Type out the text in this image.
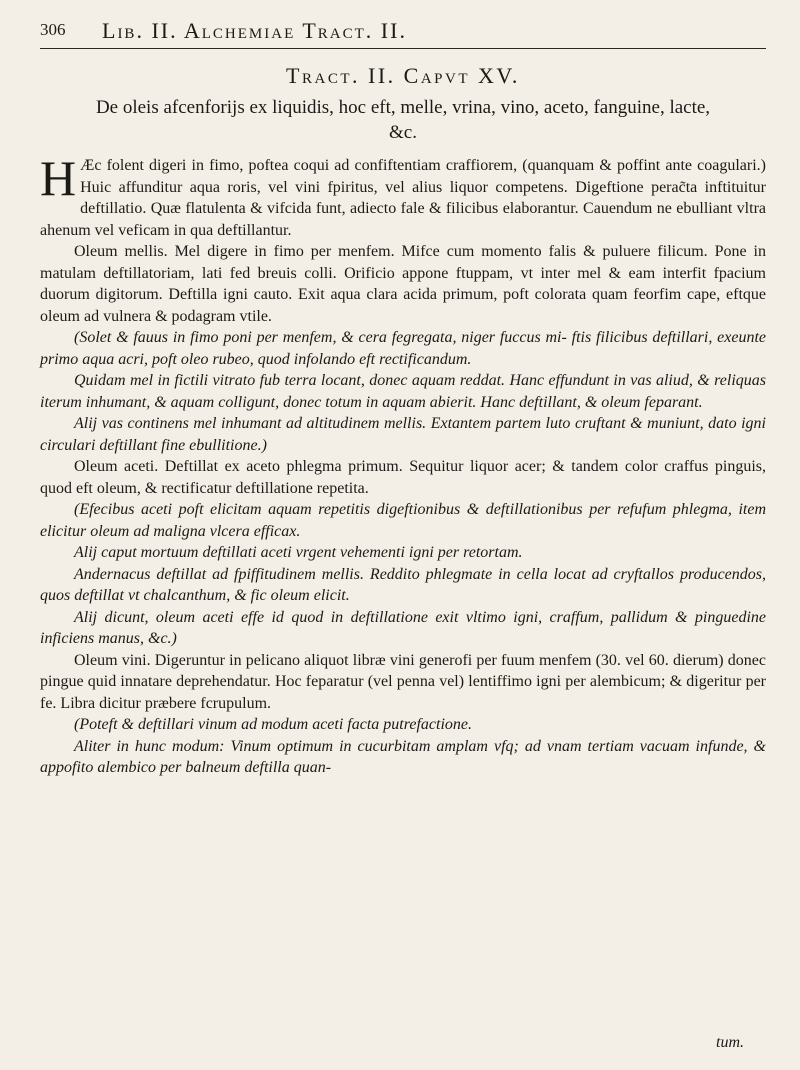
306 Lib. II. Alchemiae Tract. II.
Tract. II. Capvt XV.
De oleis afcenforijs ex liquidis, hoc eft, melle, vrina, vino, aceto, fanguine, lacte, &c.
H Æc folent digeri in fimo, poftea coqui ad confiftentiam craffiorem, (quanquam & poffint ante coagulari.) Huic affunditur aqua roris, vel vini fpiritus, vel alius liquor competens. Digeftione perac̃ta inftituitur deftillatio. Quæ flatulenta & vifcida funt, adiecto fale & filicibus elaborantur. Cauendum ne ebulliant vltra ahenum vel veficam in qua deftillantur.

Oleum mellis. Mel digere in fimo per menfem. Mifce cum momento falis & puluere filicum. Pone in matulam deftillatoriam, lati fed breuis colli. Orificio appone ftuppam, vt inter mel & eam interfit fpacium duorum digitorum. Deftilla igni cauto. Exit aqua clara acida primum, poft colorata quam feorfim cape, eftque oleum ad vulnera & podagram vtile.

(Solet & fauus in fimo poni per menfem, & cera fegregata, niger fuccus mi- ftis filicibus deftillari, exeunte primo aqua acri, poft oleo rubeo, quod infolando eft rectificandum.

Quidam mel in fictili vitrato fub terra locant, donec aquam reddat. Hanc effundunt in vas aliud, & reliquas iterum inhumant, & aquam colligunt, donec totum in aquam abierit. Hanc deftillant, & oleum feparant.

Alij vas continens mel inhumant ad altitudinem mellis. Extantem partem luto cruftant & muniunt, dato igni circulari deftillant fine ebullitione.)

Oleum aceti. Deftillat ex aceto phlegma primum. Sequitur liquor acer; & tandem color craffus pinguis, quod eft oleum, & rectificatur deftillatione repetita.

(Efecibus aceti poft elicitam aquam repetitis digeftionibus & deftillationibus per refufum phlegma, item elicitur oleum ad maligna vlcera efficax.

Alij caput mortuum deftillati aceti vrgent vehementi igni per retortam.

Andernacus deftillat ad fpiffitudinem mellis. Reddito phlegmate in cella locat ad cryftallos producendos, quos deftillat vt chalcanthum, & fic oleum elicit.

Alij dicunt, oleum aceti effe id quod in deftillatione exit vltimo igni, craffum, pallidum & pinguedine inficiens manus, &c.)

Oleum vini. Digeruntur in pelicano aliquot libræ vini generofi per fuum menfem (30. vel 60. dierum) donec pingue quid innatare deprehendatur. Hoc feparatur (vel penna vel) lentiffimo igni per alembicum; & digeritur per fe. Libra dicitur præbere fcrupulum.

(Poteft & deftillari vinum ad modum aceti facta putrefactione.

Aliter in hunc modum: Vinum optimum in cucurbitam amplam vfq; ad vnam tertiam vacuam infunde, & appofito alembico per balneum deftilla quan-

tum.
